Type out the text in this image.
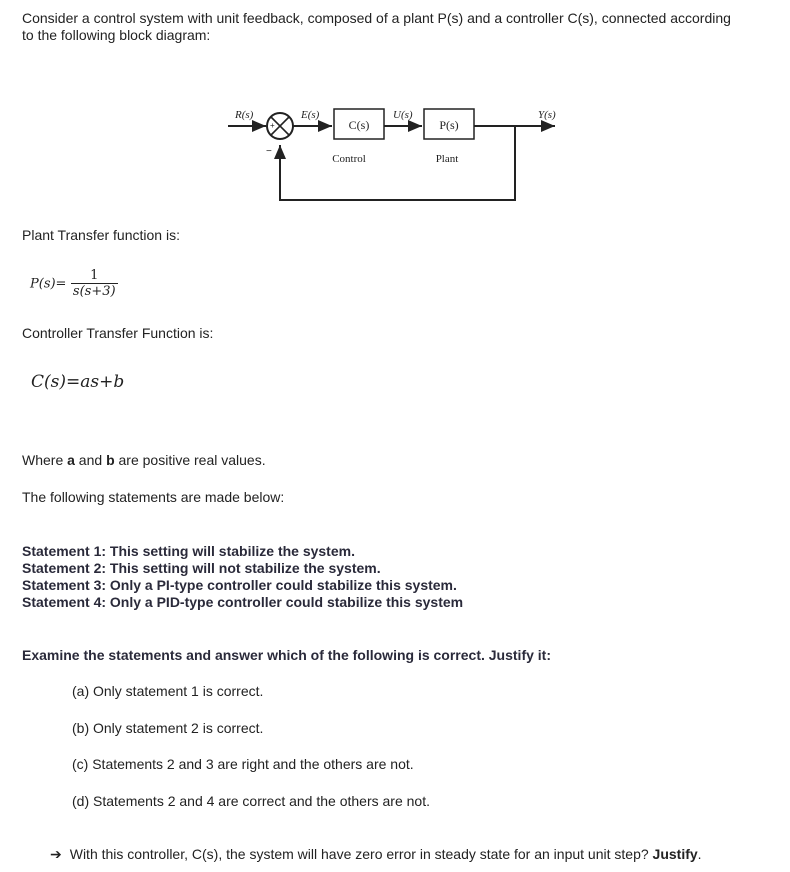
Consider a control system with unit feedback, composed of a plant P(s) and a controller C(s), connected according to the following block diagram:
+	C(s)	P(s)
R(s)	E(s)	U(s)	Y(s)
Control	Plant
−
Plant Transfer function is:
$P(s)= \frac{1}{s(s+3)}$
Controller Transfer Function is:
C(s)=as+b
Where a and b are positive real values.
The following statements are made below:
Statement 1: This setting will stabilize the system.
Statement 2: This setting will not stabilize the system.
Statement 3: Only a PI-type controller could stabilize this system.
Statement 4: Only a PID-type controller could stabilize this system
Examine the statements and answer which of the following is correct. Justify it:
(a) Only statement 1 is correct.
(b) Only statement 2 is correct.
(c) Statements 2 and 3 are right and the others are not.
(d) Statements 2 and 4 are correct and the others are not.
➔ With this controller, C(s), the system will have zero error in steady state for an input unit step? Justify.
